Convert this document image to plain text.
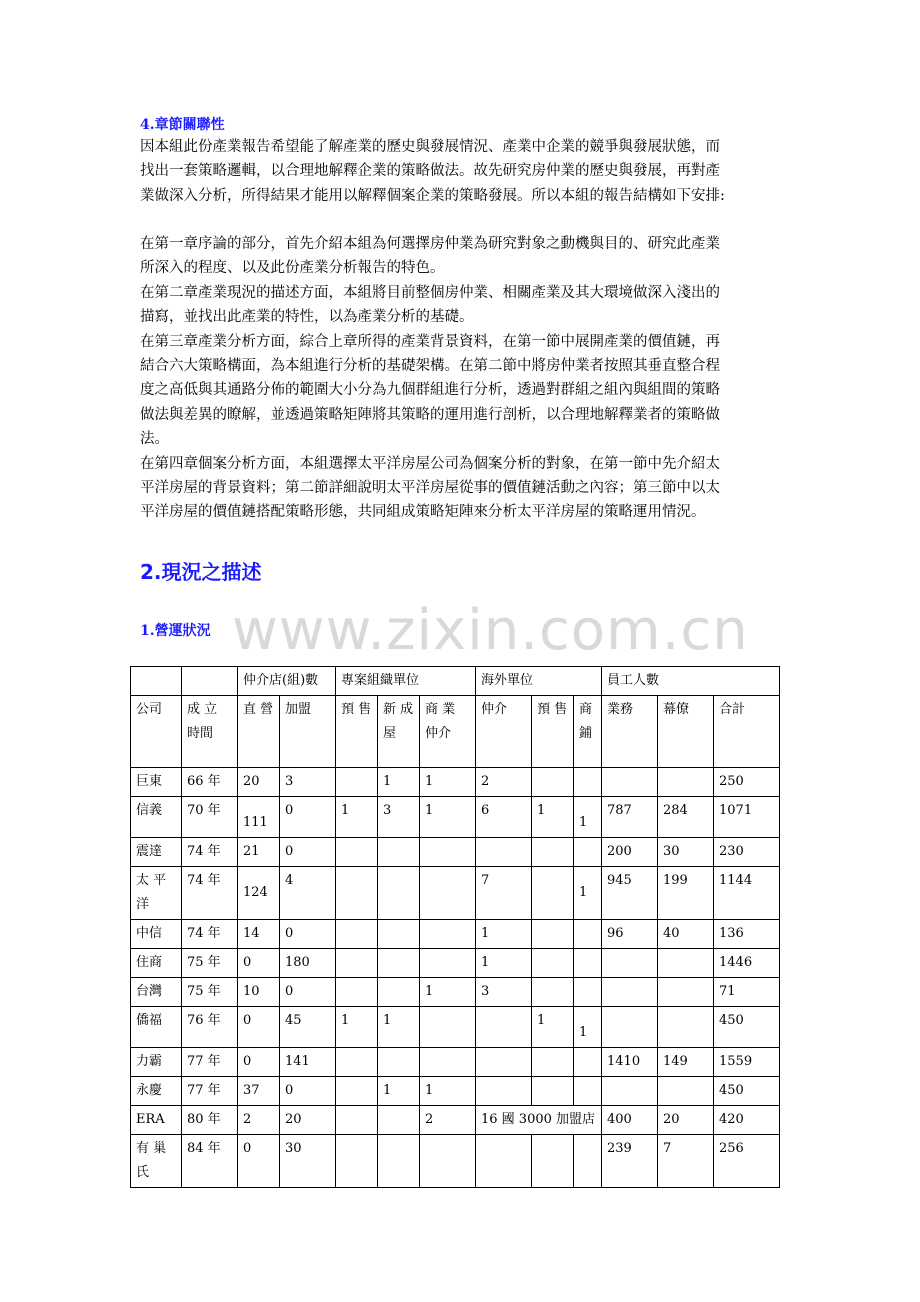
4.章節關聯性

因本組此份產業報告希望能了解產業的歷史與發展情況、產業中企業的競爭與發展狀態，而

找出一套策略邏輯，以合理地解釋企業的策略做法。故先研究房仲業的歷史與發展，再對產

業做深入分析，所得結果才能用以解釋個案企業的策略發展。所以本組的報告結構如下安排:

在第一章序論的部分，首先介紹本組為何選擇房仲業為研究對象之動機與目的、研究此產業

所深入的程度、以及此份產業分析報告的特色。

在第二章產業現況的描述方面，本組將目前整個房仲業、相關產業及其大環境做深入淺出的

描寫，並找出此產業的特性，以為產業分析的基礎。

在第三章產業分析方面，綜合上章所得的產業背景資料，在第一節中展開產業的價值鏈，再

結合六大策略構面，為本組進行分析的基礎架構。在第二節中將房仲業者按照其垂直整合程

度之高低與其通路分佈的範圍大小分為九個群組進行分析，透過對群組之組內與組間的策略

做法與差異的瞭解，並透過策略矩陣將其策略的運用進行剖析，以合理地解釋業者的策略做

法。

在第四章個案分析方面，本組選擇太平洋房屋公司為個案分析的對象，在第一節中先介紹太

平洋房屋的背景資料；第二節詳細說明太平洋房屋從事的價值鏈活動之內容；第三節中以太

平洋房屋的價值鏈搭配策略形態，共同組成策略矩陣來分析太平洋房屋的策略運用情況。

2.現況之描述
www.zixin.com.cn
1.營運狀況
		仲介店(組)數		專案組織單位			海外單位			員工人數		
公司	成 立 時間	直 營	加盟	預 售	新 成 屋	商 業 仲介	仲介	預 售	商 鋪	業務	幕僚	合計
巨東	66 年	20	3		1	1	2					250
信義	70 年	111	0	1	3	1	6	1	1	787	284	1071
震達	74 年	21	0							200	30	230
太 平 洋	74 年	124	4				7		1	945	199	1144
中信	74 年	14	0				1			96	40	136
住商	75 年	0	180				1					1446
台灣	75 年	10	0			1	3					71
僑福	76 年	0	45	1	1			1	1			450
力霸	77 年	0	141							1410	149	1559
永慶	77 年	37	0		1	1						450
ERA	80 年	2	20			2	16 國 3000 加盟店			400	20	420
有 巢 氏	84 年	0	30							239	7	256
